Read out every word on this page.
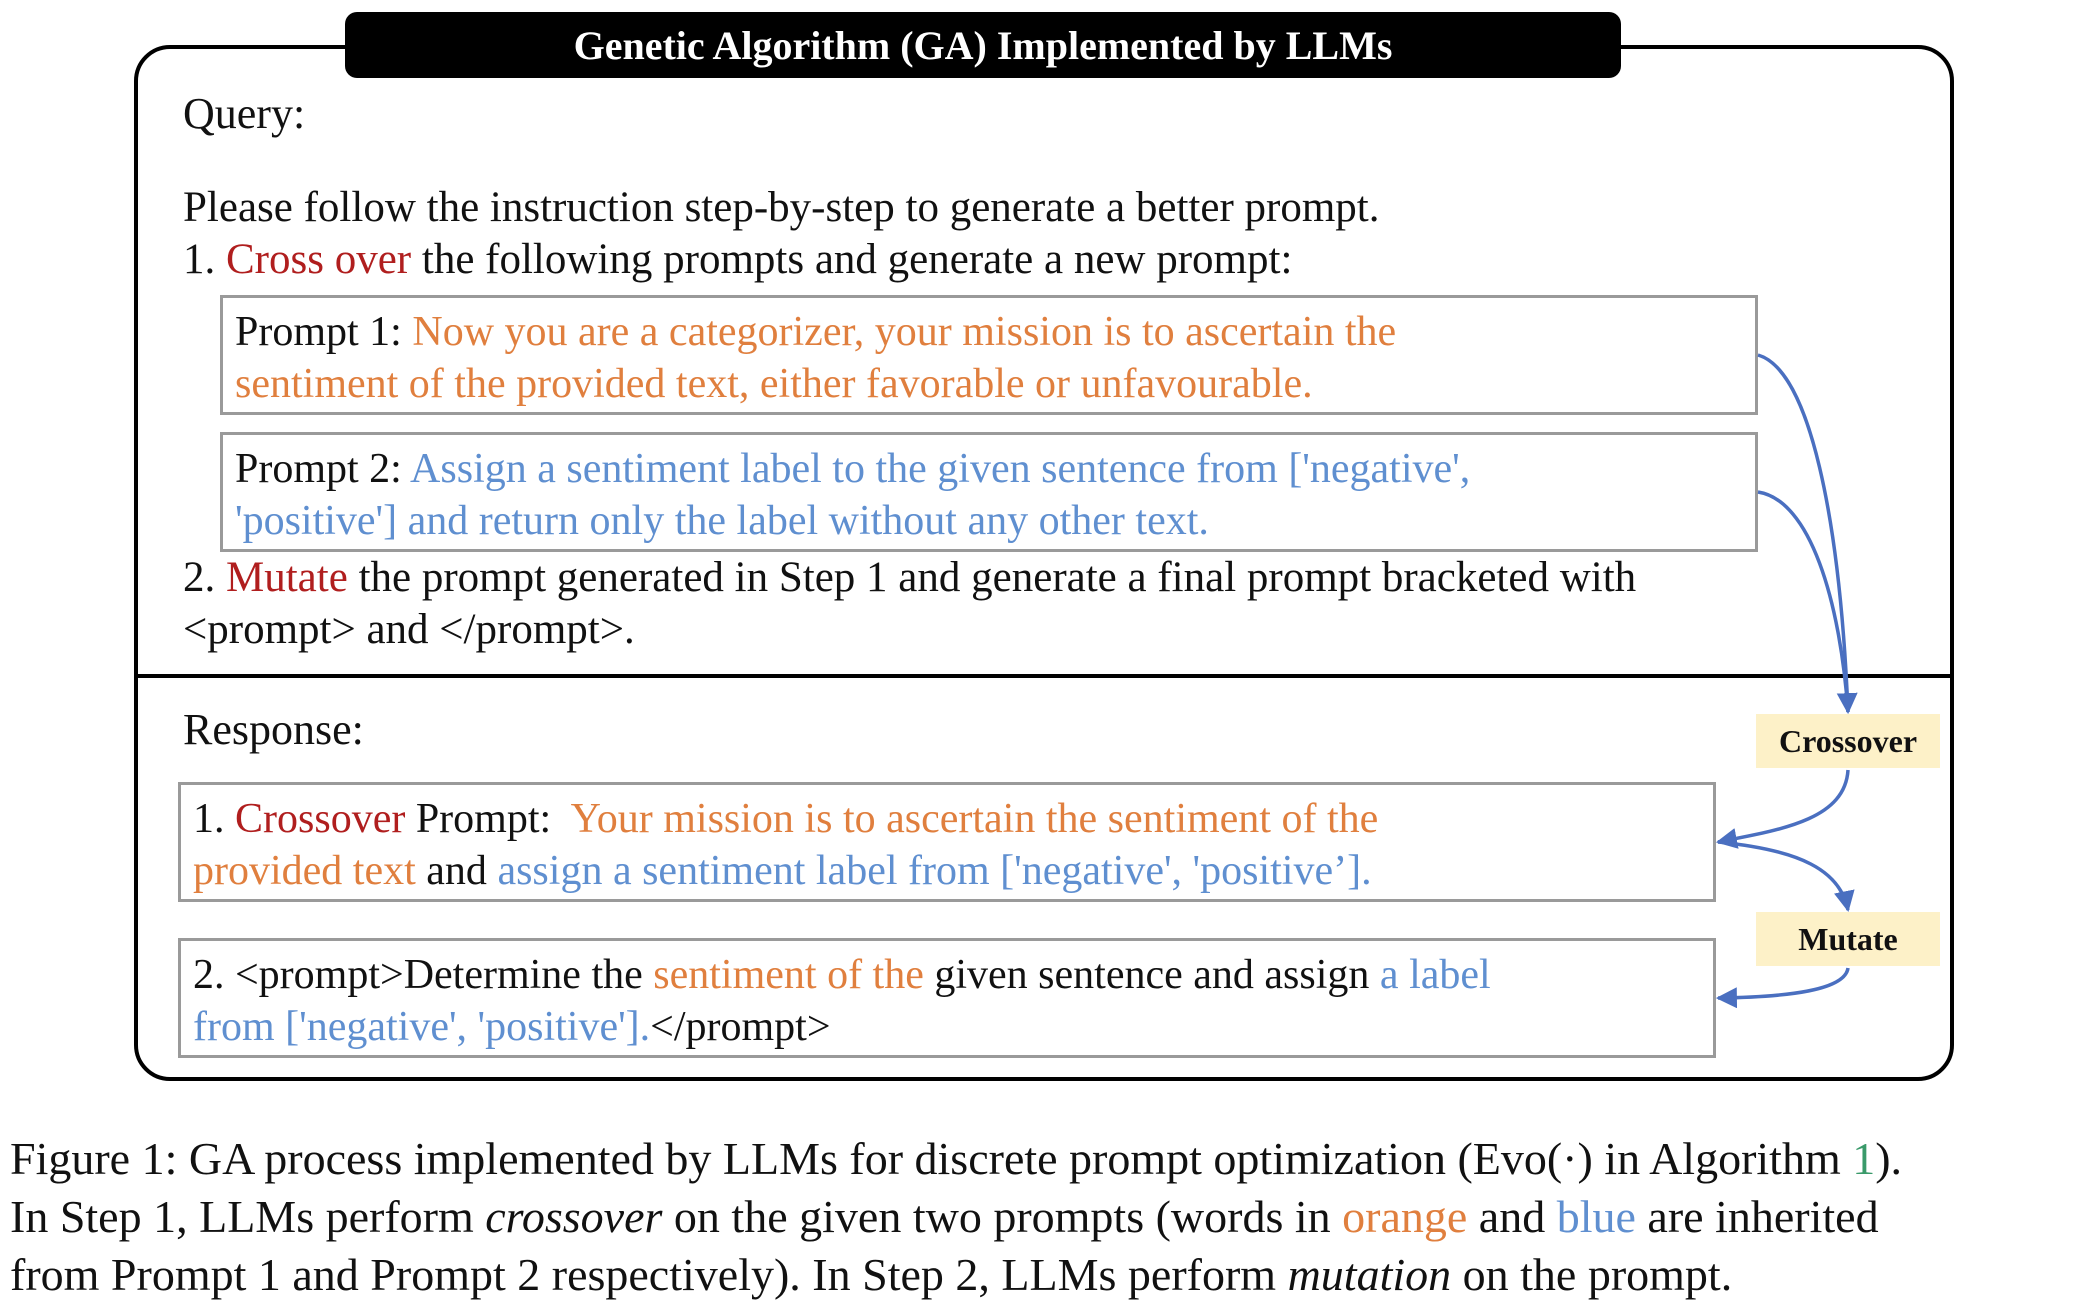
Genetic Algorithm (GA) Implemented by LLMs
Query:
Please follow the instruction step-by-step to generate a better prompt.
1. Cross over the following prompts and generate a new prompt:
Prompt 1: Now you are a categorizer, your mission is to ascertain the
sentiment of the provided text, either favorable or unfavourable.
Prompt 2: Assign a sentiment label to the given sentence from ['negative',
'positive'] and return only the label without any other text.
2. Mutate the prompt generated in Step 1 and generate a final prompt bracketed with
<prompt> and </prompt>.
Response:
1. Crossover Prompt:  Your mission is to ascertain the sentiment of the
provided text and assign a sentiment label from ['negative', 'positive’].
2. <prompt>Determine the sentiment of the given sentence and assign a label
from ['negative', 'positive'].</prompt>
Crossover
Mutate
Figure 1: GA process implemented by LLMs for discrete prompt optimization (Evo(·) in Algorithm 1).
In Step 1, LLMs perform crossover on the given two prompts (words in orange and blue are inherited
from Prompt 1 and Prompt 2 respectively). In Step 2, LLMs perform mutation on the prompt.
